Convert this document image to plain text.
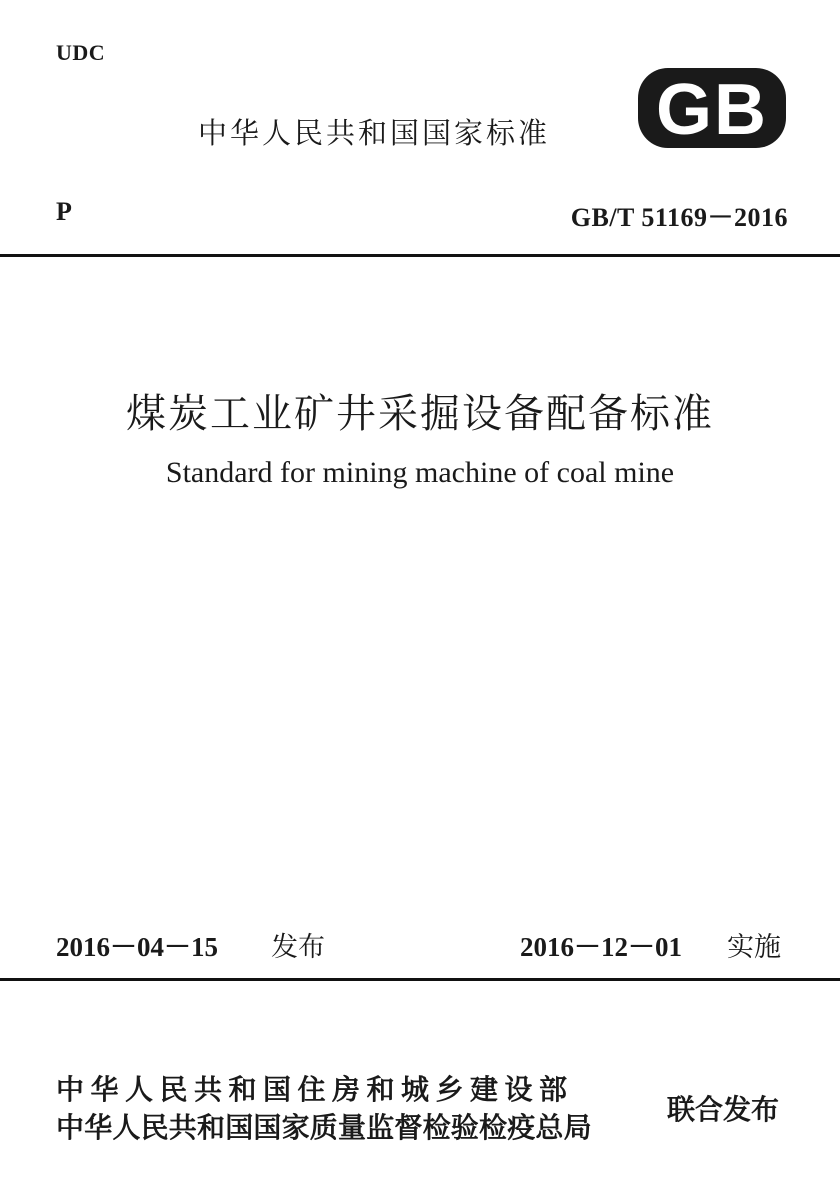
UDC
中华人民共和国国家标准 GB
P	GB/T 51169－2016
煤炭工业矿井采掘设备配备标准
Standard for mining machine of coal mine
2016－04－15 发布	2016－12－01 实施
中华人民共和国住房和城乡建设部
中华人民共和国国家质量监督检验检疫总局
联合发布
